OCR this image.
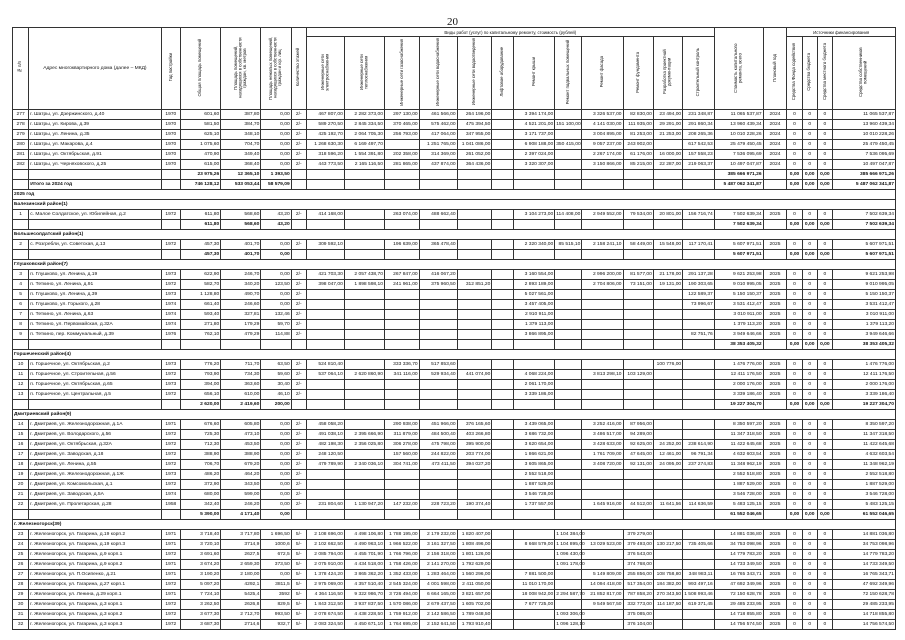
20
№ п/п	Адрес многоквартирного дома (далее – МКД)	Год постройки	Общая площадь помещений	Площадь помещений, находящихся в собственности граждан, кв. метров	Площадь нежилых помещений, находящихся в собственности граждан и юр. лиц	Количество этажей	Виды работ (услуг) по капитальному ремонту, стоимость (рублей)												Стоимость капитального ремонта, всего	Плановый год	Источники финансирования			
							Инженерные сети электроснабжения	Инженерные сети теплоснабжения	Инженерные сети газоснабжения	Инженерные сети водоснабжения	Инженерные сети водоотведения	Лифтовое оборудование	Ремонт крыши	Ремонт подвальных помещений	Ремонт фасада	Ремонт фундамента	Разработка проектной документации	Строительный контроль			Средства Фонда содействия	Средства бюджета	Средства местного бюджета	Средства собственников помещений
277	г. Шатры, ул. Дзержинского, д.40	1970	601,60	387,80	0,00	2/-	467 807,00	2 282 373,00	297 130,00	461 566,00	264 196,00		3 394 174,00		3 326 537,00	82 830,00	23 494,00	231 348,87	11 065 537,87	2024	0	0	0	11 065 537,87
278	г. Шатры, ул. Кирова, д.39	1970	581,50	384,70	0,00	2/-	589 270,50	2 845 334,50	370 465,00	575 462,00	475 394,50		4 521 201,00	151 100,00	4 141 030,00	111 935,00	29 291,00	291 860,34	13 960 439,34	2024	0	0	0	13 960 439,34
279	г. Шатры, ул. Ленина, д.35	1970	625,10	348,10	0,00	2/-	425 192,70	2 064 705,30	256 793,00	417 064,00	347 955,00		3 171 737,00		3 004 895,00	81 253,00	21 253,00	208 265,36	10 010 228,26	2024	0	0	0	10 010 228,26
280	г. Шатры, ул. Макарова, д.4	1970	1 075,60	704,70	0,00	2/-	1 268 630,30	6 169 497,70		1 251 765,00	1 041 086,00		6 908 188,00	350 415,00	9 057 237,00	243 902,00		617 542,53	25 479 450,45	2024	0	0	0	25 479 450,45
281	г. Шатры, ул. Октябрьская, д.91	1970	470,90	349,40	0,00	2/-	318 596,20	1 554 391,80	202 358,00	314 369,00	261 052,00		2 397 024,00		2 267 174,00	61 176,00	16 000,00	157 558,23	7 536 095,69	2024	0	0	0	7 536 095,69
282	г. Шатры, ул. Черняховского, д.25	1970	615,00	368,40	0,00	2/-	443 773,50	2 165 116,50	281 865,00	437 874,00	364 436,00		3 320 307,00		3 150 866,00	85 215,00	22 287,00	219 063,37	10 497 047,87	2024	0	0	0	10 497 047,87
			23 975,26	12 365,10	1 393,50														385 666 971,26		0,00	0,00	0,00	385 666 971,26
	Итого за 2024 год		746 128,12	533 053,44	58 579,09														5 487 062 341,87		0,00	0,00	0,00	5 487 062 341,87
2025 год																								
Балезинский район(1)																								
1	с. Малое Солдатское, ул. Юбилейная, д.2	1972	611,80	568,60	43,20	2/-	414 168,00		263 074,00	488 662,40			3 104 273,00	114 408,00	2 949 552,00	79 534,00	20 801,00	156 716,74	7 502 639,34	2025	0	0	0	7 502 639,34
			611,80	568,60	43,20														7 502 639,34		0,00	0,00	0,00	7 502 639,34
Большесолдатский район(1)																								
2	с. Розгребли, ул. Советская, д.13	1972	457,30	401,70	0,00	2/-	309 592,10		196 639,00	365 478,40			2 320 340,00	85 515,10	2 158 241,10	58 449,00	15 548,00	117 170,41	5 607 971,51	2025	0	0	0	5 607 971,51
			457,30	401,70	0,00														5 607 971,51		0,00	0,00	0,00	5 607 971,51
Глушковский район(7)																								
3	п. Глушково, ул. Ленина, д.19	1973	622,90	246,70	0,00	2/-	421 703,30	2 057 438,70	267 847,00	416 067,20			3 160 554,00		2 996 200,00	81 577,00	21 178,00	291 137,28	9 621 253,98	2025	0	0	0	9 621 253,98
4	п. Теткино, ул. Ленина, д.91	1972	582,70	340,20	123,50	2/-	398 047,00	1 898 598,10	241 961,00	375 960,50	312 851,20		2 893 189,00		2 704 806,00	73 151,00	19 131,00	190 303,65	9 010 995,05	2025	0	0	0	9 010 995,05
5	п. Глушково, ул. Ленина, д.39	1973	1 128,80	490,70	0,00	2/-							5 027 561,00					122 589,37	5 150 150,37	2025	0	0	0	5 150 150,37
6	п. Глушково, ул. Горького, д.28	1974	661,40	246,60	0,00	2/-							3 457 405,00					73 996,67	3 531 412,47	2025	0	0	0	3 531 412,47
7	п. Теткино, ул. Ленина, д.63	1974	593,40	327,81	132,46	2/-							2 910 911,00						3 010 911,00	2025	0	0	0	3 010 911,00
8	п. Теткино, ул. Первомайская, д.32А	1974	271,80	179,29	59,70	2/-							1 379 113,00						1 379 113,20	2025	0	0	0	1 379 113,20
9	п. Теткино, пер. Коммунальный, д.39	1976	762,10	479,29	114,88	2/-							3 866 895,00					82 751,76	3 949 646,66	2025	0	0	0	3 949 646,66
																			38 353 405,32		0,00	0,00	0,00	38 353 405,32
Горшеченский район(4)																								
10	п. Горшечное, ул. Октябрьская, д.2	1973	776,20	711,70	63,50	2/-	524 810,40		333 336,70	517 853,60							100 776,00		1 476 776,00	2025	0	0	0	1 476 776,00
11	п. Горшечное, ул. Строительная, д.56	1972	793,90	734,30	59,60	2/-	537 064,10	2 620 860,90	341 116,00	529 934,40	441 074,90		4 068 224,00		3 813 298,10	103 129,00			12 411 176,50	2025	0	0	0	12 411 176,50
12	п. Горшечное, ул. Октябрьская, д.65	1973	394,00	363,60	30,40	2/-							2 061 170,00						2 000 176,00	2025	0	0	0	2 000 176,00
13	п. Горшечное, ул. Центральная, д.5	1972	656,10	610,00	46,10	2/-							3 339 186,00						3 339 186,40	2025	0	0	0	3 339 186,40
			2 620,00	2 419,60	200,00														19 227 304,70		0,00	0,00	0,00	19 227 304,70
Дмитриевский район(9)																								
14	г. Дмитриев, ул. Железнодорожная, д.1А	1971	676,60	605,80	0,00	2/-	458 058,20		290 938,00	451 966,00	376 165,60		3 439 065,00		3 252 416,00	87 956,00			8 350 597,20	2025	0	0	0	8 350 597,20
15	г. Дмитриев, ул. Володарского, д.56	1972	725,30	473,10	0,00	2/-	491 038,10	2 395 666,90	311 879,00	484 500,40	403 266,80		3 686 732,00		3 486 517,00	94 289,00			11 347 318,50	2025	0	0	0	11 347 318,50
16	г. Дмитриев, ул. Октябрьская, д.32А	1972	712,30	453,50	0,00	2/-	482 198,30	2 356 025,80	306 278,00	475 798,00	395 900,00		3 620 654,00		3 428 633,00	92 625,00	24 252,00	238 614,90	11 422 645,68	2025	0	0	0	11 422 645,68
17	г. Дмитриев, ул. Заводская, д.18	1972	388,90	388,90	0,00	2/-	248 120,50		157 560,00	244 822,00	203 774,00		1 866 621,00		1 761 709,00	47 645,00	12 461,00	96 791,34	4 632 603,54	2025	0	0	0	4 632 603,54
18	г. Дмитриев, ул. Ленина, д.55	1972	706,70	679,20	0,00	2/-	479 789,90	2 340 036,10	304 741,00	473 411,50	394 027,20		3 605 865,00		3 408 720,00	92 131,00	24 095,00	237 274,83	11 348 962,19	2025	0	0	0	11 348 962,19
19	г. Дмитриев, ул. Железнодорожная, д.1Ж	1973	486,20	464,20	0,00	2/-							2 552 518,00						2 552 518,80	2025	0	0	0	2 552 518,80
20	г. Дмитриев, ул. Комсомольская, д.1	1972	372,90	343,50	0,00	2/-							1 887 529,00						1 887 529,00	2025	0	0	0	1 887 529,00
21	г. Дмитриев, ул. Заводская, д.5А	1974	680,00	599,00	0,00	2/-							3 546 728,00						3 546 728,00	2025	0	0	0	3 546 728,00
22	г. Дмитриев, ул. Пролетарская, д.28	1958	342,40	246,20	0,00	2/-	231 804,60	1 130 947,20	147 232,00	228 723,20	190 374,40		1 737 557,00		1 645 916,00	44 512,00	11 641,56	114 636,59	5 483 125,15	2025	0	0	0	5 483 125,15
			5 390,00	4 171,40	0,00														61 552 046,65		0,00	0,00	0,00	61 552 046,65
г. Железногорск(39)																								
23	г. Железногорск, ул. Гагарина, д.19 корп.2	1971	3 718,40	3 717,80	1 696,50	5/-	2 108 696,00	4 498 106,80	1 788 195,00	2 179 232,00	1 820 407,00			1 104 384,00		379 279,00			14 881 036,80	2025	0	0	0	14 881 036,80
24	г. Железногорск, ул. Гагарина, д.19 корп.3	1971	3 720,10	3714,9	1000,6	5/-	2 102 662,50	4 490 963,10	1 966 522,00	3 161 327,50	1 808 496,00		8 668 579,00	1 104 895,00	13 029 523,00	379 493,00	130 217,50	735 405,66	34 753 098,96	2025	0	0	0	34 753 098,96
25	г. Железногорск, ул. Гагарина, д.9 корп.1	1972	3 691,60	2627,5	672,5	5/-	2 085 794,00	4 455 701,90	1 766 796,00	2 156 318,00	1 801 126,00			1 096 430,00		376 543,00			14 779 783,20	2025	0	0	0	14 779 783,20
26	г. Железногорск, ул. Гагарина, д.9 корп.2	1971	3 674,20	2 659,30	373,50	5/-	2 075 910,00	4 434 518,00	1 758 426,00	2 141 270,00	1 792 629,00			1 091 178,00		374 768,00			14 733 349,50	2025	0	0	0	14 733 349,50
27	г. Железногорск, ул. П.Осипенко, д.21	1971	3 190,20	2 180,00	0,00	5/-	1 378 424,20	3 865 362,20	1 352 433,00	1 283 464,00	1 560 296,00		7 881 500,00		5 149 809,00	255 856,00	108 758,80	348 983,11	16 765 343,71	2025	0	0	0	16 765 343,71
28	г. Железногорск, ул. Гагарина, д.27 корп.1	1972	5 097,20	4292,1	3811,5	5/-	2 975 069,00	4 357 510,40	2 545 324,00	4 001 598,00	2 411 050,00		11 010 170,00		14 094 418,00	517 354,00	184 382,00	993 497,16	47 692 349,96	2025	0	0	0	47 692 349,96
29	г. Железногорск, ул. Ленина, д.29 корп.1	1971	7 724,10	5425,4	3592	5/-	4 364 116,50	9 322 986,70	3 726 494,00	6 664 165,00	3 821 657,00		18 008 942,00	2 294 587,70	21 852 817,00	787 858,20	270 343,50	1 508 993,46	72 150 628,78	2025	0	0	0	72 150 628,78
30	г. Железногорск, ул. Гагарина, д.3 корп.1	1972	3 262,50	2626,8	829,5	5/-	1 843 312,50	3 937 837,50	1 570 086,00	2 679 437,50	1 605 702,00		7 677 725,00		9 549 567,50	332 773,00	114 187,50	619 371,45	29 485 233,95	2025	0	0	0	29 485 233,95
31	г. Железногорск, ул. Гагарина, д.3 корп.2	1972	3 677,30	2 712,70	993,50	5/-	2 078 674,50	4 438 228,50	1 759 912,00	2 142 586,50	1 789 048,50			1 093 306,00		375 085,00			14 718 855,80	2025	0	0	0	14 718 855,80
32	г. Железногорск, ул. Гагарина, д.3 корп.3	1972	3 687,30	2714,6	932,7	5/-	2 083 324,50	4 450 671,10	1 764 695,00	2 152 641,50	1 793 910,40			1 096 128,10		376 104,00			14 756 574,50	2025	0	0	0	14 756 574,50
